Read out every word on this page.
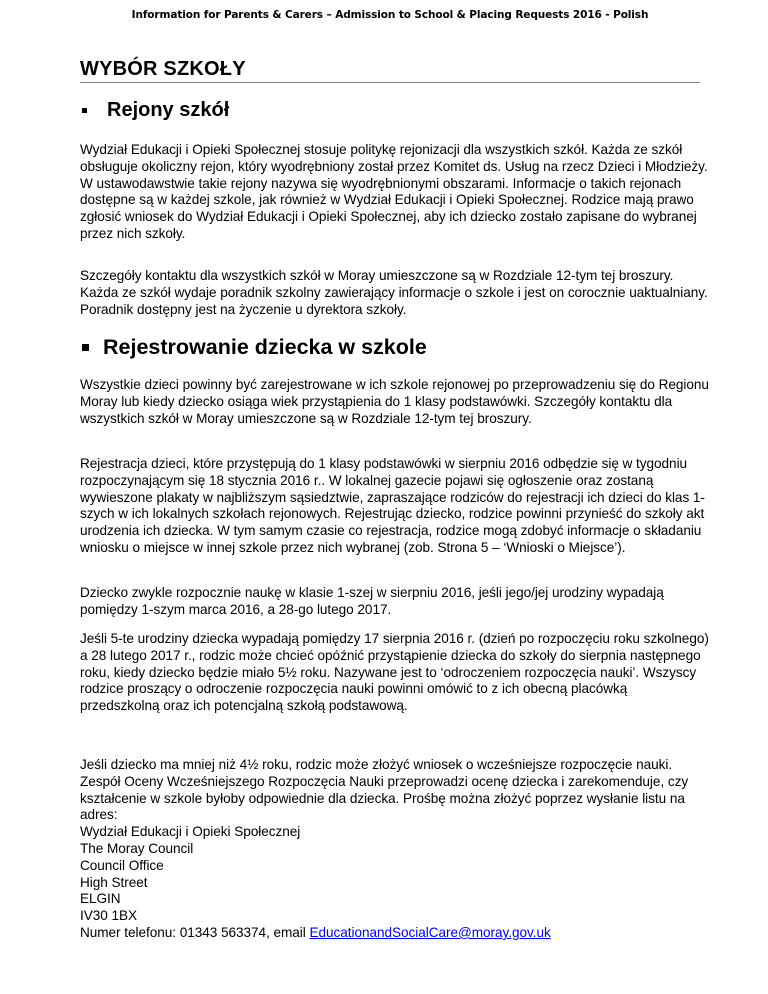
Information for Parents & Carers – Admission to School & Placing Requests 2016 - Polish
WYBÓR SZKOŁY
Rejony szkół

Wydział Edukacji i Opieki Społecznej stosuje politykę rejonizacji dla wszystkich szkół. Każda ze szkół obsługuje okoliczny rejon, który wyodrębniony został przez Komitet ds. Usług na rzecz Dzieci i Młodzieży. W ustawodawstwie takie rejony nazywa się wyodrębnionymi obszarami. Informacje o takich rejonach dostępne są w każdej szkole, jak również w Wydział Edukacji i Opieki Społecznej. Rodzice mają prawo zgłosić wniosek do Wydział Edukacji i Opieki Społecznej, aby ich dziecko zostało zapisane do wybranej przez nich szkoły.

Szczegóły kontaktu dla wszystkich szkół w Moray umieszczone są w Rozdziale 12-tym tej broszury. Każda ze szkół wydaje poradnik szkolny zawierający informacje o szkole i jest on corocznie uaktualniany. Poradnik dostępny jest na życzenie u dyrektora szkoły.

Rejestrowanie dziecka w szkole

Wszystkie dzieci powinny być zarejestrowane w ich szkole rejonowej po przeprowadzeniu się do Regionu Moray lub kiedy dziecko osiąga wiek przystąpienia do 1 klasy podstawówki. Szczegóły kontaktu dla wszystkich szkół w Moray umieszczone są w Rozdziale 12-tym tej broszury.

Rejestracja dzieci, które przystępują do 1 klasy podstawówki w sierpniu 2016 odbędzie się w tygodniu rozpoczynającym się 18 stycznia 2016 r.. W lokalnej gazecie pojawi się ogłoszenie oraz zostaną wywieszone plakaty w najbliższym sąsiedztwie, zapraszające rodziców do rejestracji ich dzieci do klas 1-szych w ich lokalnych szkołach rejonowych. Rejestrując dziecko, rodzice powinni przynieść do szkoły akt urodzenia ich dziecka. W tym samym czasie co rejestracja, rodzice mogą zdobyć informacje o składaniu wniosku o miejsce w innej szkole przez nich wybranej (zob. Strona 5 – ‘Wnioski o Miejsce’).

Dziecko zwykle rozpocznie naukę w klasie 1-szej w sierpniu 2016, jeśli jego/jej urodziny wypadają pomiędzy 1-szym marca 2016, a 28-go lutego 2017.

Jeśli 5-te urodziny dziecka wypadają pomiędzy 17 sierpnia 2016 r. (dzień po rozpoczęciu roku szkolnego) a 28 lutego 2017 r., rodzic może chcieć opóźnić przystąpienie dziecka do szkoły do sierpnia następnego roku, kiedy dziecko będzie miało 5½ roku. Nazywane jest to ‘odroczeniem rozpoczęcia nauki’. Wszyscy rodzice proszący o odroczenie rozpoczęcia nauki powinni omówić to z ich obecną placówką przedszkolną oraz ich potencjalną szkołą podstawową.

Jeśli dziecko ma mniej niż 4½ roku, rodzic może złożyć wniosek o wcześniejsze rozpoczęcie nauki. Zespół Oceny Wcześniejszego Rozpoczęcia Nauki przeprowadzi ocenę dziecka i zarekomenduje, czy kształcenie w szkole byłoby odpowiednie dla dziecka. Prośbę można złożyć poprzez wysłanie listu na adres:
Wydział Edukacji i Opieki Społecznej
The Moray Council
Council Office
High Street
ELGIN
IV30 1BX
Numer telefonu: 01343 563374, email EducationandSocialCare@moray.gov.uk
